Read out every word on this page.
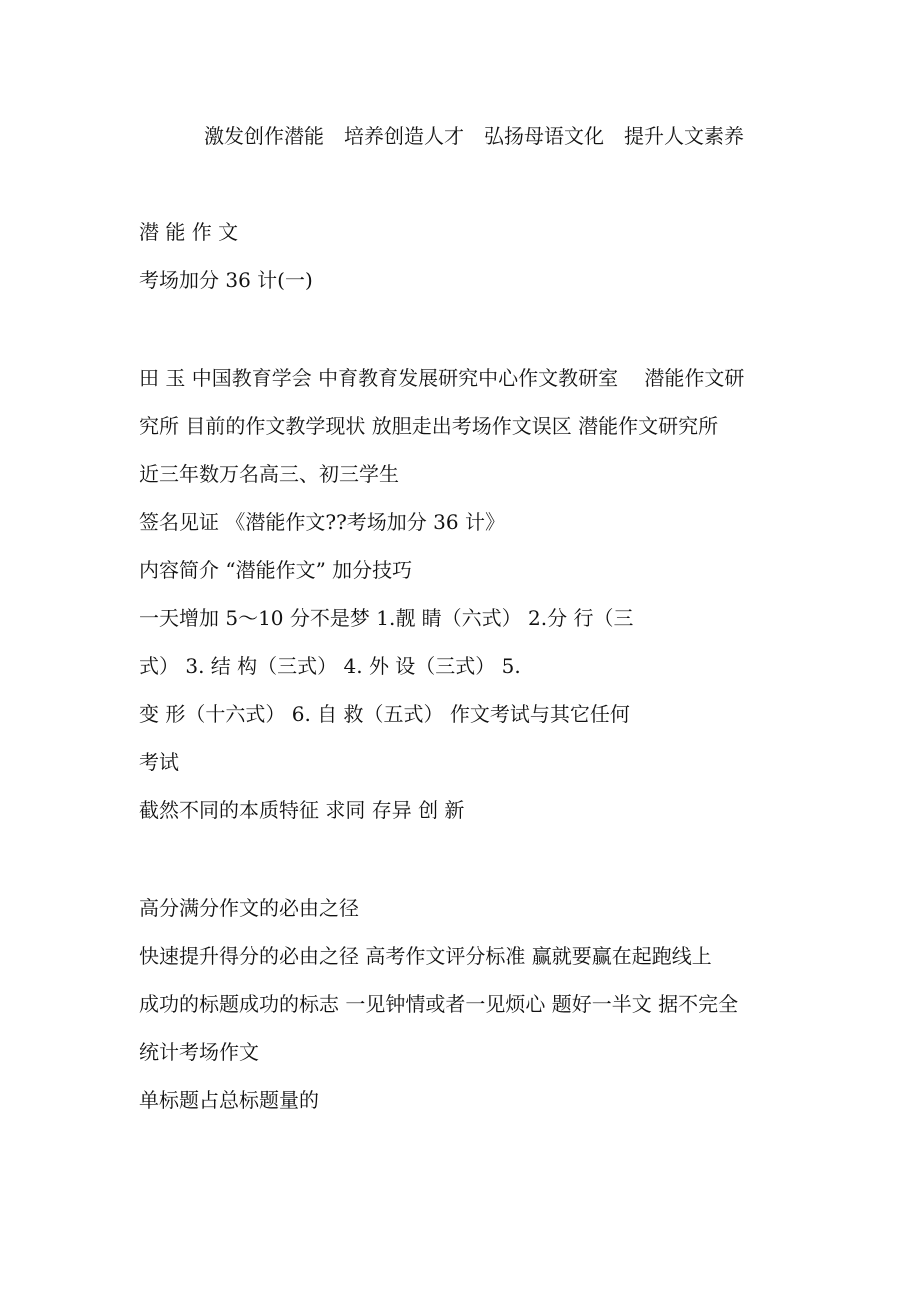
激发创作潜能　培养创造人才　弘扬母语文化　提升人文素养
潜 能 作 文
考场加分 36 计(一)
田 玉 中国教育学会 中育教育发展研究中心作文教研室　 潜能作文研
究所 目前的作文教学现状 放胆走出考场作文误区 潜能作文研究所
近三年数万名高三、初三学生
签名见证 《潜能作文??考场加分 36 计》
内容简介 “潜能作文” 加分技巧
一天增加 5～10 分不是梦 1.靓 睛（六式） 2.分 行（三
式） 3. 结 构（三式） 4. 外 设（三式） 5.
变 形（十六式） 6. 自 救（五式） 作文考试与其它任何
考试
截然不同的本质特征 求同 存异 创 新
高分满分作文的必由之径
快速提升得分的必由之径 高考作文评分标准 赢就要赢在起跑线上
成功的标题成功的标志 一见钟情或者一见烦心 题好一半文 据不完全
统计考场作文
单标题占总标题量的
